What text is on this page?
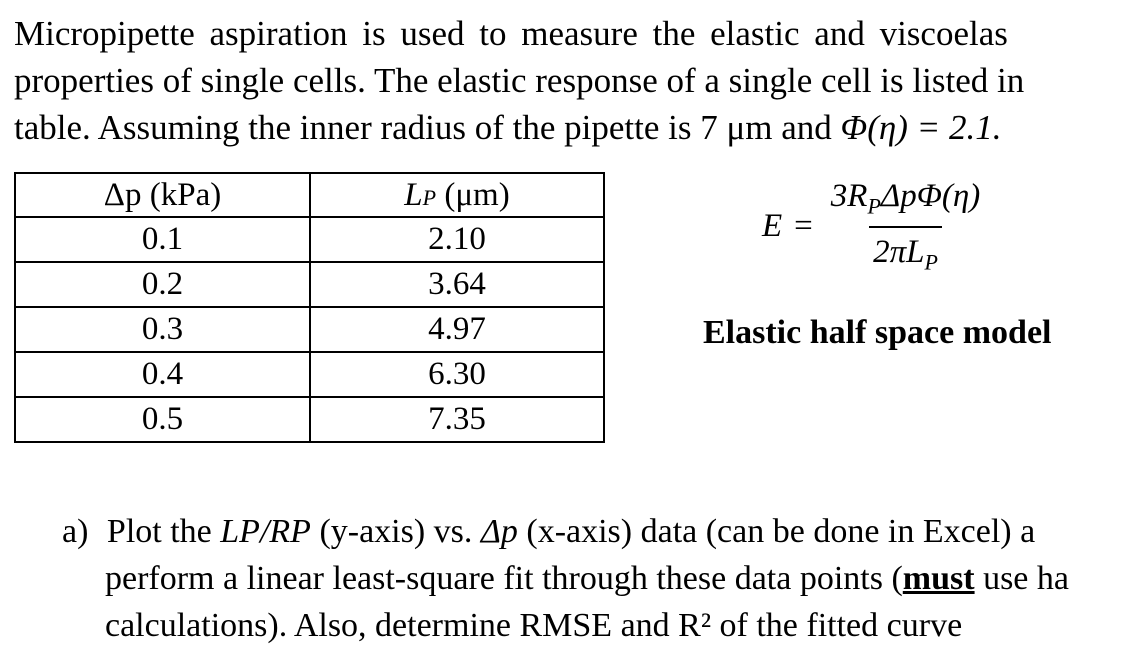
Micropipette aspiration is used to measure the elastic and viscoelas
properties of single cells. The elastic response of a single cell is listed in
table. Assuming the inner radius of the pipette is 7 μm and Φ(η) = 2.1.
Δp (kPa)	LP (μm)
0.1	2.10
0.2	3.64
0.3	4.97
0.4	6.30
0.5	7.35
$E = \frac{3R_P\Delta p\Phi(\eta)}{2\pi L_P}$
Elastic half space model
a) Plot the LP/RP (y-axis) vs. Δp (x-axis) data (can be done in Excel) a
perform a linear least-square fit through these data points (must use ha
calculations). Also, determine RMSE and R² of the fitted curve
